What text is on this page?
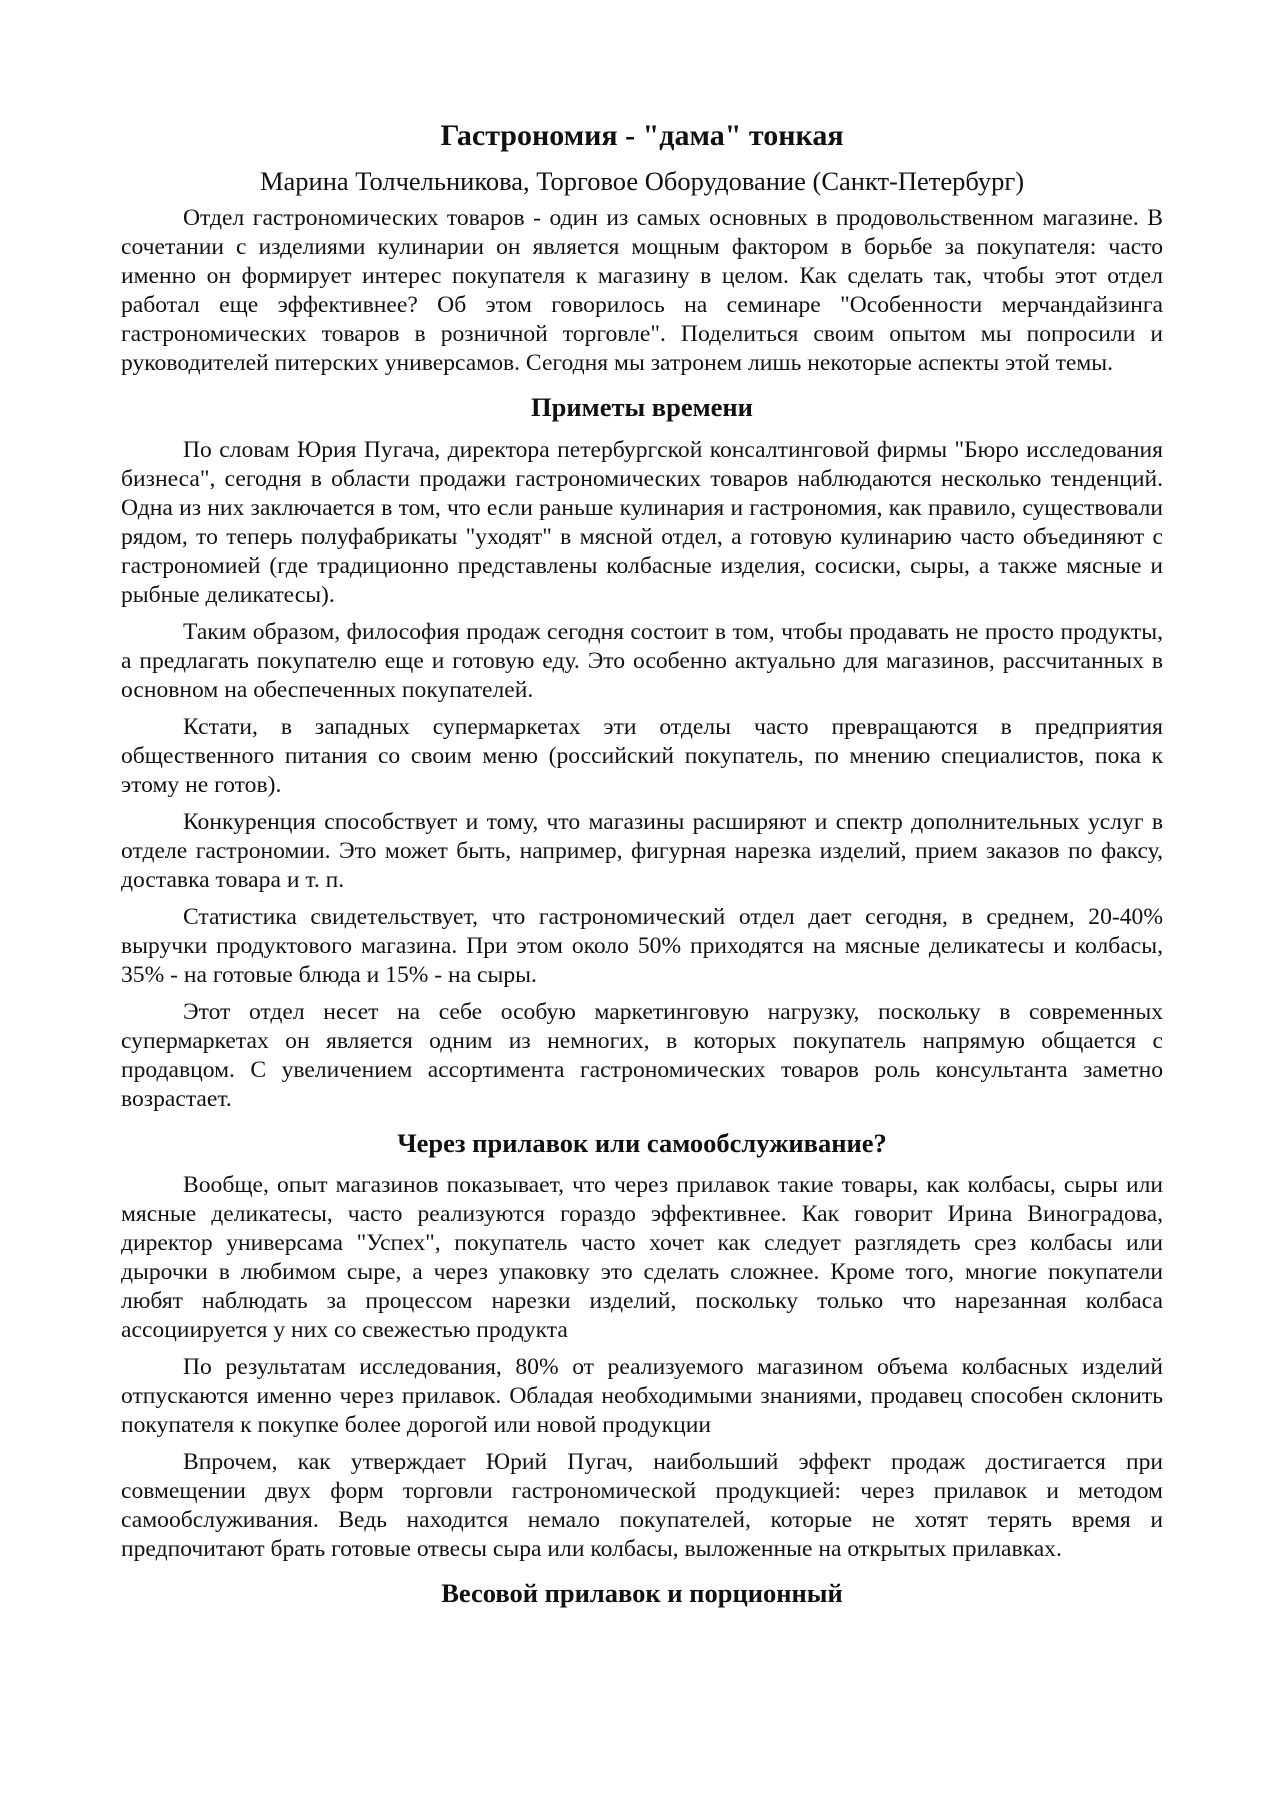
Гастрономия - "дама" тонкая
Марина Толчельникова, Торговое Оборудование (Санкт-Петербург)

Отдел гастрономических товаров - один из самых основных в продовольственном магазине. В сочетании с изделиями кулинарии он является мощным фактором в борьбе за покупателя: часто именно он формирует интерес покупателя к магазину в целом. Как сделать так, чтобы этот отдел работал еще эффективнее? Об этом говорилось на семинаре "Особенности мерчандайзинга гастрономических товаров в розничной торговле". Поделиться своим опытом мы попросили и руководителей питерских универсамов. Сегодня мы затронем лишь некоторые аспекты этой темы.

Приметы времени

По словам Юрия Пугача, директора петербургской консалтинговой фирмы "Бюро исследования бизнеса", сегодня в области продажи гастрономических товаров наблюдаются несколько тенденций. Одна из них заключается в том, что если раньше кулинария и гастрономия, как правило, существовали рядом, то теперь полуфабрикаты "уходят" в мясной отдел, а готовую кулинарию часто объединяют с гастрономией (где традиционно представлены колбасные изделия, сосиски, сыры, а также мясные и рыбные деликатесы).

Таким образом, философия продаж сегодня состоит в том, чтобы продавать не просто продукты, а предлагать покупателю еще и готовую еду. Это особенно актуально для магазинов, рассчитанных в основном на обеспеченных покупателей.

Кстати, в западных супермаркетах эти отделы часто превращаются в предприятия общественного питания со своим меню (российский покупатель, по мнению специалистов, пока к этому не готов).

Конкуренция способствует и тому, что магазины расширяют и спектр дополнительных услуг в отделе гастрономии. Это может быть, например, фигурная нарезка изделий, прием заказов по факсу, доставка товара и т. п.

Статистика свидетельствует, что гастрономический отдел дает сегодня, в среднем, 20-40% выручки продуктового магазина. При этом около 50% приходятся на мясные деликатесы и колбасы, 35% - на готовые блюда и 15% - на сыры.

Этот отдел несет на себе особую маркетинговую нагрузку, поскольку в современных супермаркетах он является одним из немногих, в которых покупатель напрямую общается с продавцом. С увеличением ассортимента гастрономических товаров роль консультанта заметно возрастает.

Через прилавок или самообслуживание?

Вообще, опыт магазинов показывает, что через прилавок такие товары, как колбасы, сыры или мясные деликатесы, часто реализуются гораздо эффективнее. Как говорит Ирина Виноградова, директор универсама "Успех", покупатель часто хочет как следует разглядеть срез колбасы или дырочки в любимом сыре, а через упаковку это сделать сложнее. Кроме того, многие покупатели любят наблюдать за процессом нарезки изделий, поскольку только что нарезанная колбаса ассоциируется у них со свежестью продукта

По результатам исследования, 80% от реализуемого магазином объема колбасных изделий отпускаются именно через прилавок. Обладая необходимыми знаниями, продавец способен склонить покупателя к покупке более дорогой или новой продукции

Впрочем, как утверждает Юрий Пугач, наибольший эффект продаж достигается при совмещении двух форм торговли гастрономической продукцией: через прилавок и методом самообслуживания. Ведь находится немало покупателей, которые не хотят терять время и предпочитают брать готовые отвесы сыра или колбасы, выложенные на открытых прилавках.

Весовой прилавок и порционный
